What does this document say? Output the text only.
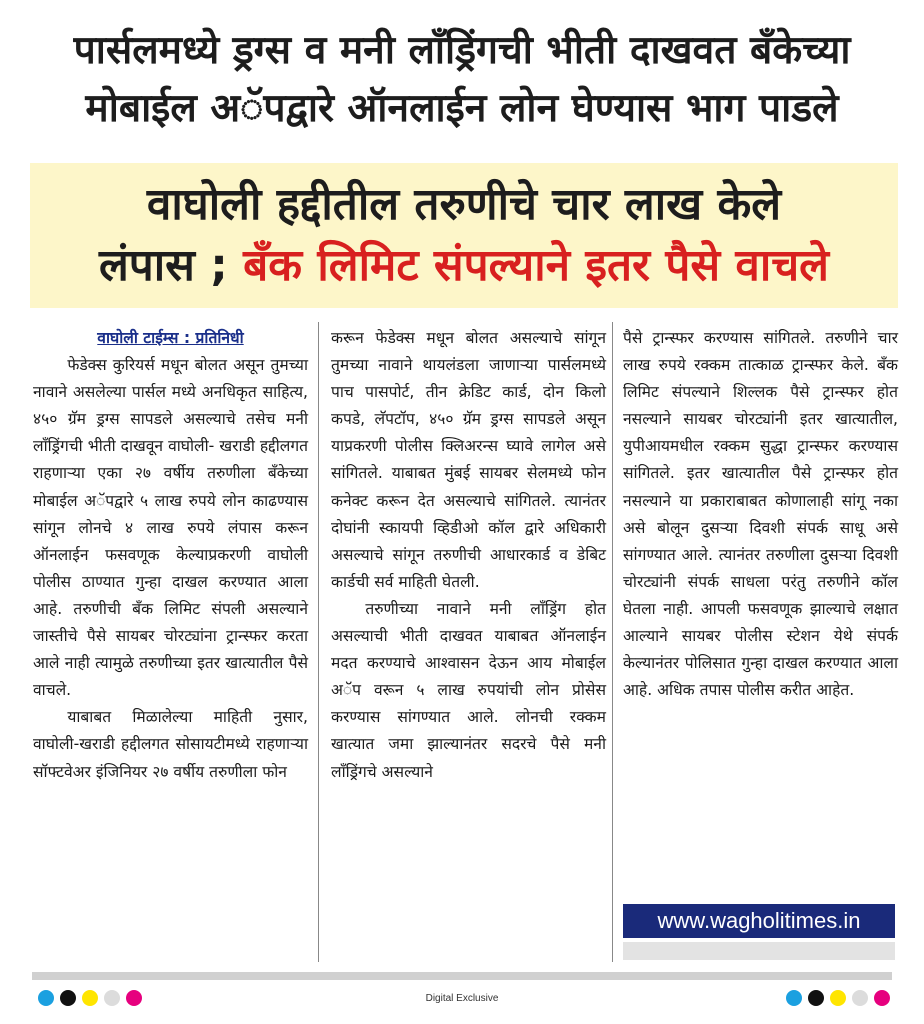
पार्सलमध्ये ड्रग्स व मनी लाँड्रिंगची भीती दाखवत बँकेच्या
मोबाईल अॅपद्वारे ऑनलाईन लोन घेण्यास भाग पाडले
वाघोली हद्दीतील तरुणीचे चार लाख केले
लंपास ; बँक लिमिट संपल्याने इतर पैसे वाचले
वाघोली टाईम्स : प्रतिनिधी

फेडेक्स कुरियर्स मधून बोलत असून तुमच्या नावाने असलेल्या पार्सल मध्ये अनधिकृत साहित्य, ४५० ग्रॅम ड्रग्स सापडले असल्याचे तसेच मनी लाँड्रिंगची भीती दाखवून वाघोली- खराडी हद्दीलगत राहणाऱ्या एका २७ वर्षीय तरुणीला बँकेच्या मोबाईल अॅपद्वारे ५ लाख रुपये लोन काढण्यास सांगून लोनचे ४ लाख रुपये लंपास करून ऑनलाईन फसवणूक केल्याप्रकरणी वाघोली पोलीस ठाण्यात गुन्हा दाखल करण्यात आला आहे. तरुणीची बँक लिमिट संपली असल्याने जास्तीचे पैसे सायबर चोरट्यांना ट्रान्स्फर करता आले नाही त्यामुळे तरुणीच्या इतर खात्यातील पैसे वाचले.

याबाबत मिळालेल्या माहिती नुसार, वाघोली-खराडी हद्दीलगत सोसायटीमध्ये राहणाऱ्या सॉफ्टवेअर इंजिनियर २७ वर्षीय तरुणीला फोन

करून फेडेक्स मधून बोलत असल्याचे सांगून तुमच्या नावाने थायलंडला जाणाऱ्या पार्सलमध्ये पाच पासपोर्ट, तीन क्रेडिट कार्ड, दोन किलो कपडे, लॅपटॉप, ४५० ग्रॅम ड्रग्स सापडले असून याप्रकरणी पोलीस क्लिअरन्स घ्यावे लागेल असे सांगितले. याबाबत मुंबई सायबर सेलमध्ये फोन कनेक्ट करून देत असल्याचे सांगितले. त्यानंतर दोघांनी स्कायपी व्हिडीओ कॉल द्वारे अधिकारी असल्याचे सांगून तरुणीची आधारकार्ड व डेबिट कार्डची सर्व माहिती घेतली.

तरुणीच्या नावाने मनी लाँड्रिंग होत असल्याची भीती दाखवत याबाबत ऑनलाईन मदत करण्याचे आश्वासन देऊन आय मोबाईल अॅप वरून ५ लाख रुपयांची लोन प्रोसेस करण्यास सांगण्यात आले. लोनची रक्कम खात्यात जमा झाल्यानंतर सदरचे पैसे मनी लाँड्रिंगचे असल्याने

पैसे ट्रान्स्फर करण्यास सांगितले. तरुणीने चार लाख रुपये रक्कम तात्काळ ट्रान्स्फर केले. बँक लिमिट संपल्याने शिल्लक पैसे ट्रान्स्फर होत नसल्याने सायबर चोरट्यांनी इतर खात्यातील, युपीआयमधील रक्कम सुद्धा ट्रान्स्फर करण्यास सांगितले. इतर खात्यातील पैसे ट्रान्स्फर होत नसल्याने या प्रकाराबाबत कोणालाही सांगू नका असे बोलून दुसऱ्या दिवशी संपर्क साधू असे सांगण्यात आले. त्यानंतर तरुणीला दुसऱ्या दिवशी चोरट्यांनी संपर्क साधला परंतु तरुणीने कॉल घेतला नाही. आपली फसवणूक झाल्याचे लक्षात आल्याने सायबर पोलीस स्टेशन येथे संपर्क केल्यानंतर पोलिसात गुन्हा दाखल करण्यात आला आहे. अधिक तपास पोलीस करीत आहेत.

www.wagholitimes.in
Digital Exclusive
